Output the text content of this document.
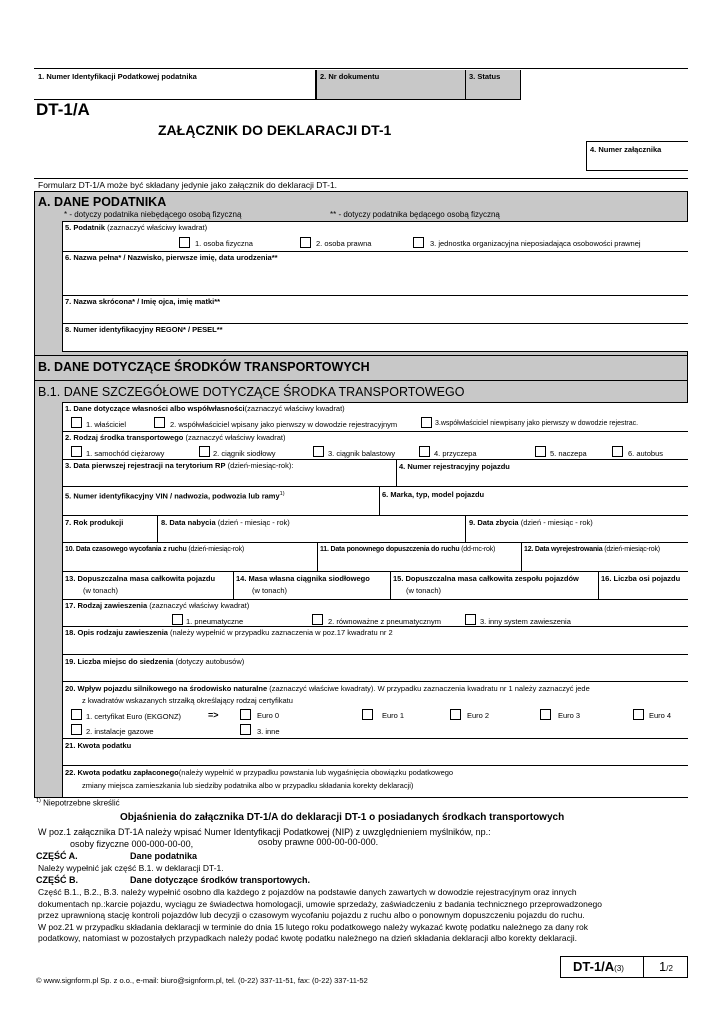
1. Numer Identyfikacji Podatkowej podatnika	2. Nr dokumentu	3. Status
DT-1/A
ZAŁĄCZNIK DO DEKLARACJI DT-1
4. Numer załącznika
Formularz DT-1/A może być składany jedynie jako załącznik do deklaracji DT-1.
A. DANE PODATNIKA
* - dotyczy podatnika niebędącego osobą fizyczną	** - dotyczy podatnika będącego osobą fizyczną
5. Podatnik (zaznaczyć właściwy kwadrat)
1. osoba fizyczna	2. osoba prawna	3. jednostka organizacyjna nieposiadająca osobowości prawnej
6. Nazwa pełna* / Nazwisko, pierwsze imię, data urodzenia**
7. Nazwa skrócona* / Imię ojca, imię matki**
8. Numer identyfikacyjny REGON* / PESEL**
B. DANE DOTYCZĄCE ŚRODKÓW TRANSPORTOWYCH
B.1. DANE SZCZEGÓŁOWE DOTYCZĄCE ŚRODKA TRANSPORTOWEGO
1. Dane dotyczące własności albo współwłasności(zaznaczyć właściwy kwadrat)
1. właściciel	2. współwłaściciel wpisany jako pierwszy w dowodzie rejestracyjnym	3.współwłaściciel niewpisany jako pierwszy w dowodzie rejestrac.
2. Rodzaj środka transportowego (zaznaczyć właściwy kwadrat)
1. samochód ciężarowy	2. ciągnik siodłowy	3. ciągnik balastowy	4. przyczepa	5. naczepa	6. autobus
3. Data pierwszej rejestracji na terytorium RP (dzień-miesiąc-rok):	4. Numer rejestracyjny pojazdu
5. Numer identyfikacyjny VIN / nadwozia, podwozia lub ramy$^{1)}$	6. Marka, typ, model pojazdu
7. Rok produkcji	8. Data nabycia (dzień - miesiąc - rok)	9. Data zbycia (dzień - miesiąc - rok)
10. Data czasowego wycofania z ruchu (dzień-miesiąc-rok)	11. Data ponownego dopuszczenia do ruchu (dd-mc-rok)	12. Data wyrejestrowania (dzień-miesiąc-rok)
13. Dopuszczalna masa całkowita pojazdu
(w tonach)
14. Masa własna ciągnika siodłowego
(w tonach)
15. Dopuszczalna masa całkowita zespołu pojazdów
(w tonach)
16. Liczba osi pojazdu
17. Rodzaj zawieszenia (zaznaczyć właściwy kwadrat)
1. pneumatyczne	2. równoważne z pneumatycznym	3. inny system zawieszenia
18. Opis rodzaju zawieszenia (należy wypełnić w przypadku zaznaczenia w poz.17 kwadratu nr 2
19. Liczba miejsc do siedzenia (dotyczy autobusów)
20. Wpływ pojazdu silnikowego na środowisko naturalne (zaznaczyć właściwe kwadraty). W przypadku zaznaczenia kwadratu nr 1 należy zaznaczyć jede
z kwadratów wskazanych strzałką określający rodzaj certyfikatu
1. certyfikat Euro (EKGONZ)	=>	Euro 0	Euro 1	Euro 2	Euro 3	Euro 4
2. instalacje gazowe	3. inne
21. Kwota podatku
22. Kwota podatku zapłaconego(należy wypełnić w przypadku powstania lub wygaśnięcia obowiązku podatkowego
zmiany miejsca zamieszkania lub siedziby podatnika albo w przypadku składania korekty deklaracji)
$^{1)}$ Niepotrzebne skreślić
Objaśnienia do załącznika DT-1/A do deklaracji DT-1 o posiadanych środkach transportowych
W poz.1 załącznika DT-1A należy wpisać Numer Identyfikacji Podatkowej (NIP) z uwzględnieniem myślników, np.:
osoby fizyczne 000-000-00-00,	osoby prawne 000-00-00-000.
CZĘŚĆ A.	Dane podatnika
Należy wypełnić jak część B.1. w deklaracji DT-1.
CZĘŚĆ B.	Dane dotyczące środków transportowych.
Część B.1., B.2., B.3. należy wypełnić osobno dla każdego z pojazdów na podstawie danych zawartych w dowodzie rejestracyjnym oraz innych
dokumentach np.:karcie pojazdu, wyciągu ze świadectwa homologacji, umowie sprzedaży, zaświadczeniu z badania technicznego przeprowadzonego
przez uprawnioną stację kontroli pojazdów lub decyzji o czasowym wycofaniu pojazdu z ruchu albo o ponownym dopuszczeniu pojazdu do ruchu.
W poz.21 w przypadku składania deklaracji w terminie do dnia 15 lutego roku podatkowego należy wykazać kwotę podatku należnego za dany rok
podatkowy, natomiast w pozostałych przypadkach należy podać kwotę podatku należnego na dzień składania deklaracji albo korekty deklaracji.
© www.signform.pl Sp. z o.o., e-mail: biuro@signform.pl, tel. (0-22) 337-11-51, fax: (0-22) 337-11-52
DT-1/A(3)	1/2
